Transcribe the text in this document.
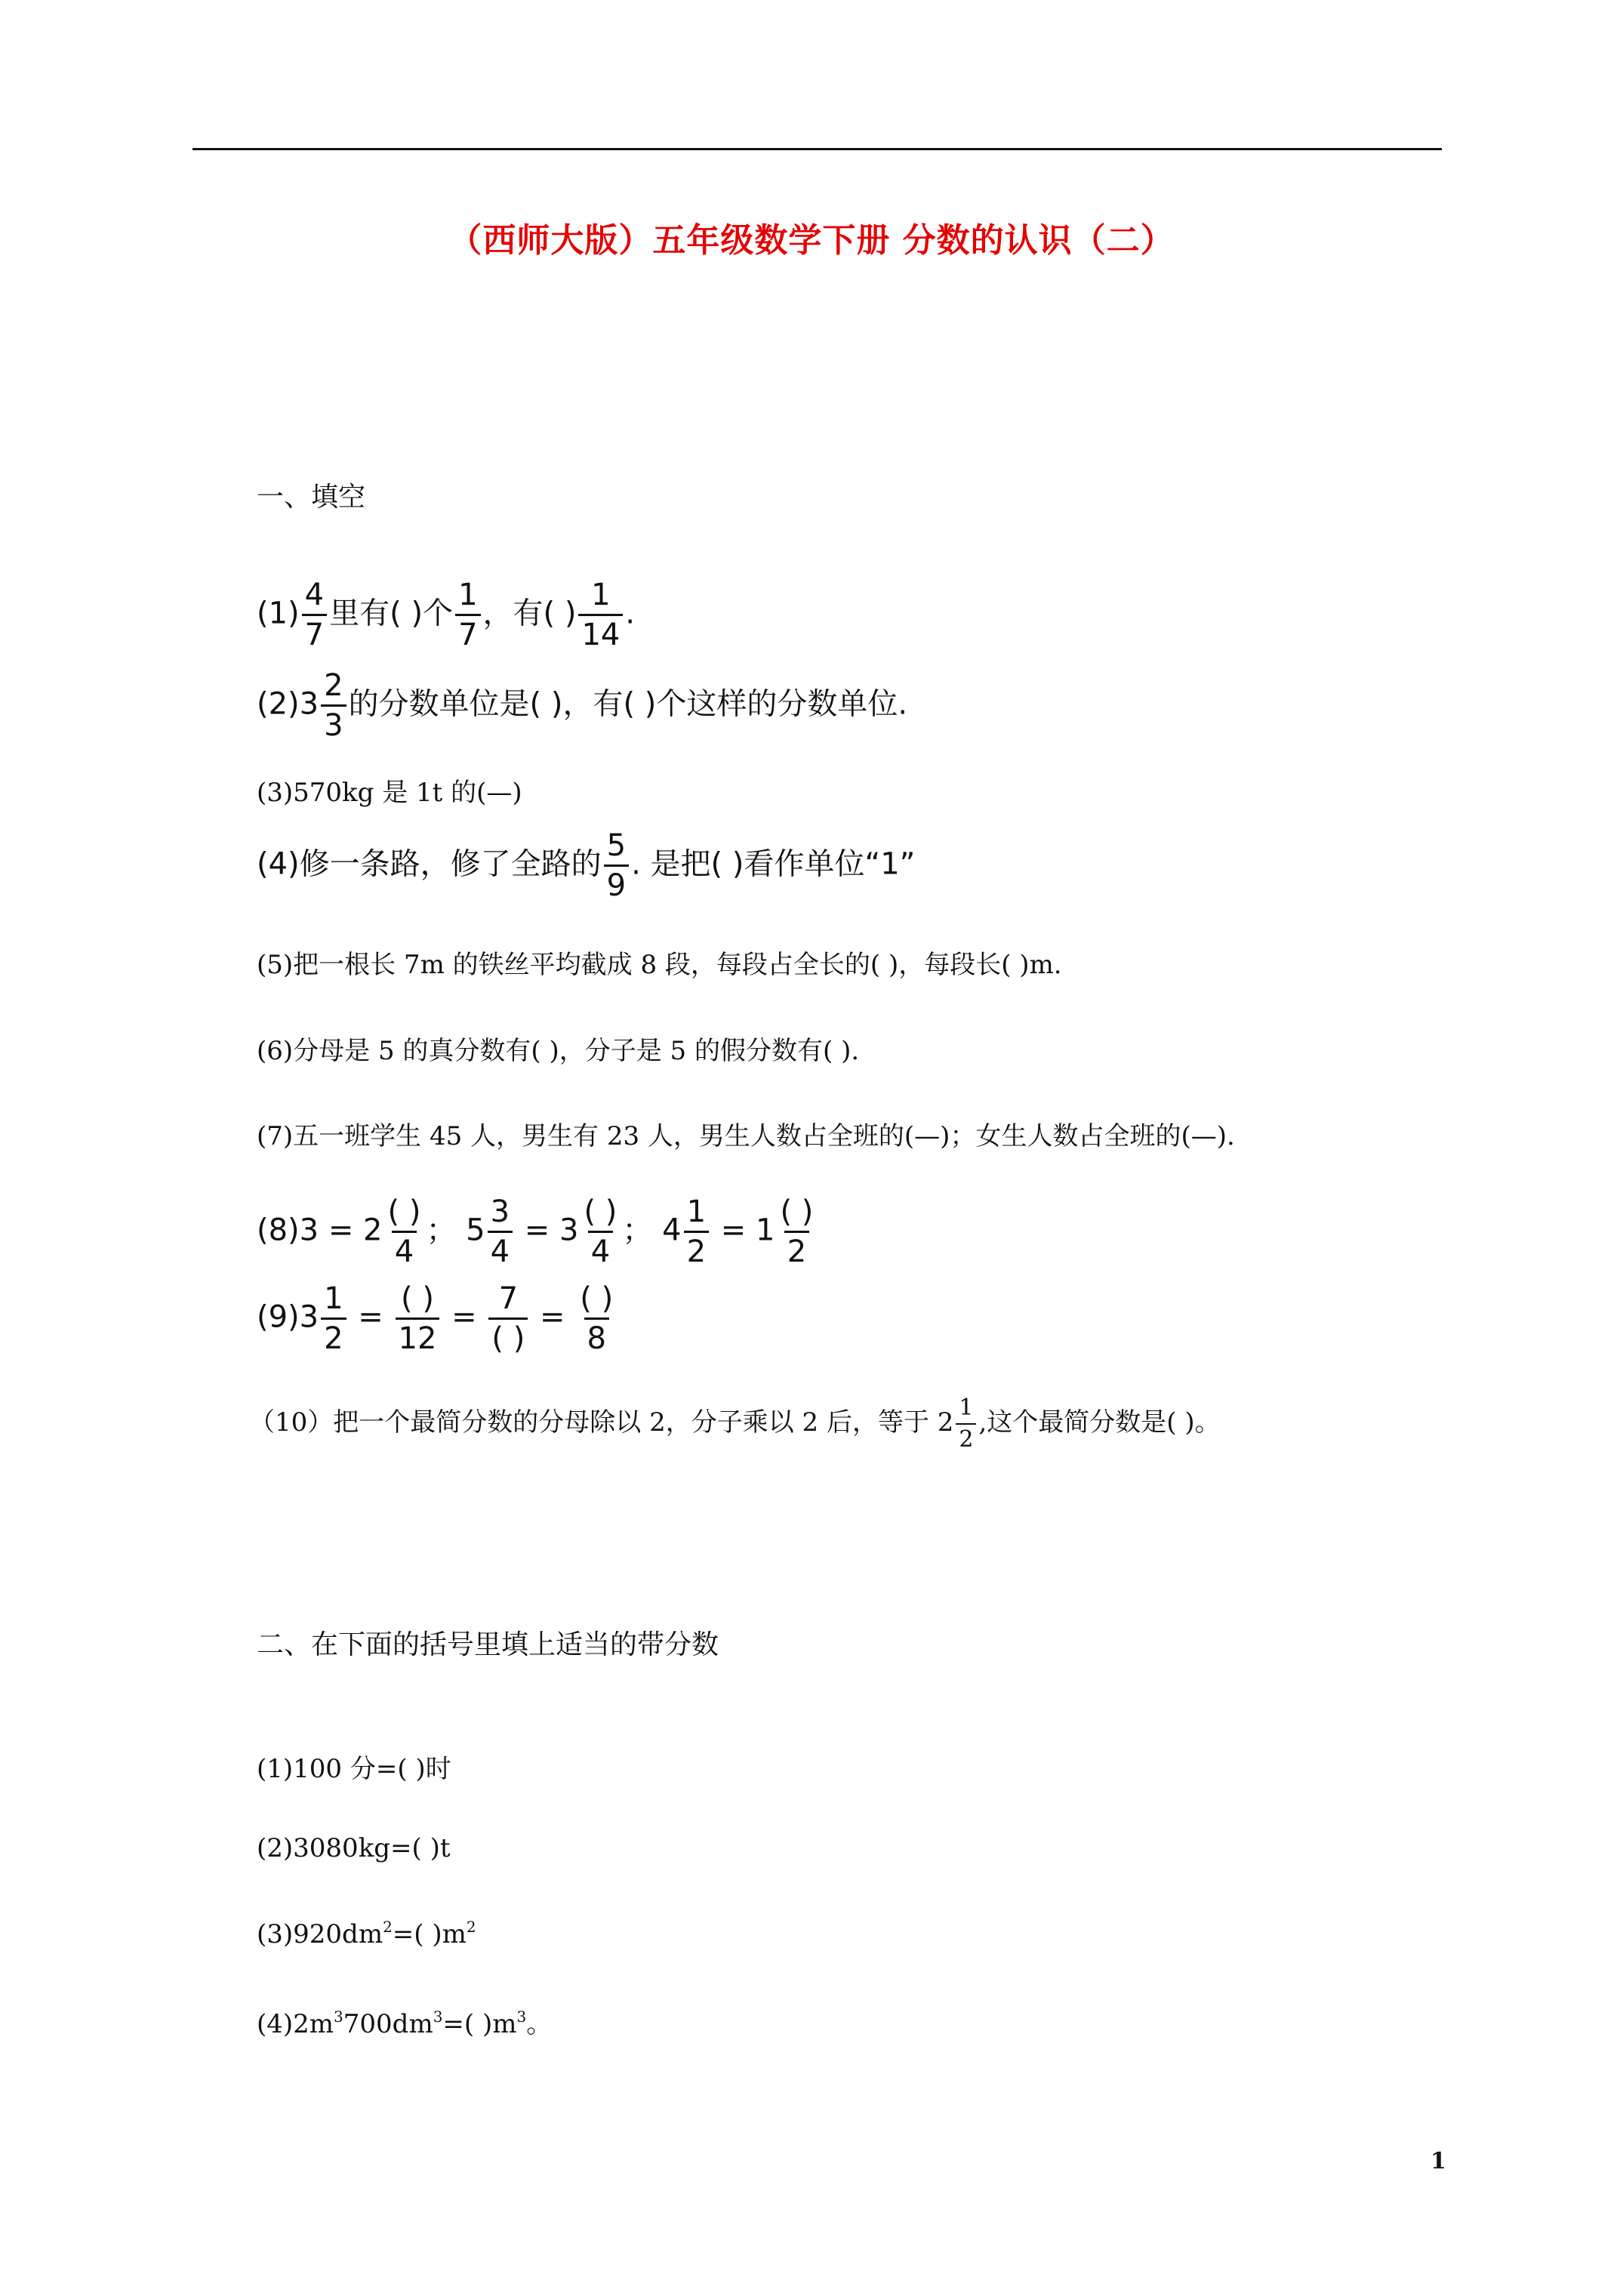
（西师大版）五年级数学下册 分数的认识（二）
一、填空
$(1) \frac{4}{7}$ 里有( )个 $\frac{1}{7}$ ，有( ) $\frac{1}{14}$ .
$(2)3 \frac{2}{3}$ 的分数单位是( )，有( )个这样的分数单位.
(3)570kg 是 1t 的(—)
(4)修一条路，修了全路的 $\frac{5}{9}$ . 是把( )看作单位“1”
(5)把一根长 7m 的铁丝平均截成 8 段，每段占全长的( )，每段长( )m.
(6)分母是 5 的真分数有( )，分子是 5 的假分数有( ).
(7)五一班学生 45 人，男生有 23 人，男生人数占全班的(—)；女生人数占全班的(—).
$(8)3 = 2 \frac{( )}{4}$ ； $5 \frac{3}{4} = 3 \frac{( )}{4}$ ； $4 \frac{1}{2} = 1 \frac{( )}{2}$
$(9)3 \frac{1}{2} = \frac{( )}{12} = \frac{7}{( )} = \frac{( )}{8}$
（10）把一个最简分数的分母除以 2，分子乘以 2 后，等于 $2 \frac{1}{2}$ ,这个最简分数是( )。
二、在下面的括号里填上适当的带分数
(1)100 分=( )时
(2)3080kg=( )t
$(3)920dm^2=$( )$m^2$
$(4)2m^3700dm^3=$( )$m^3$。
1
